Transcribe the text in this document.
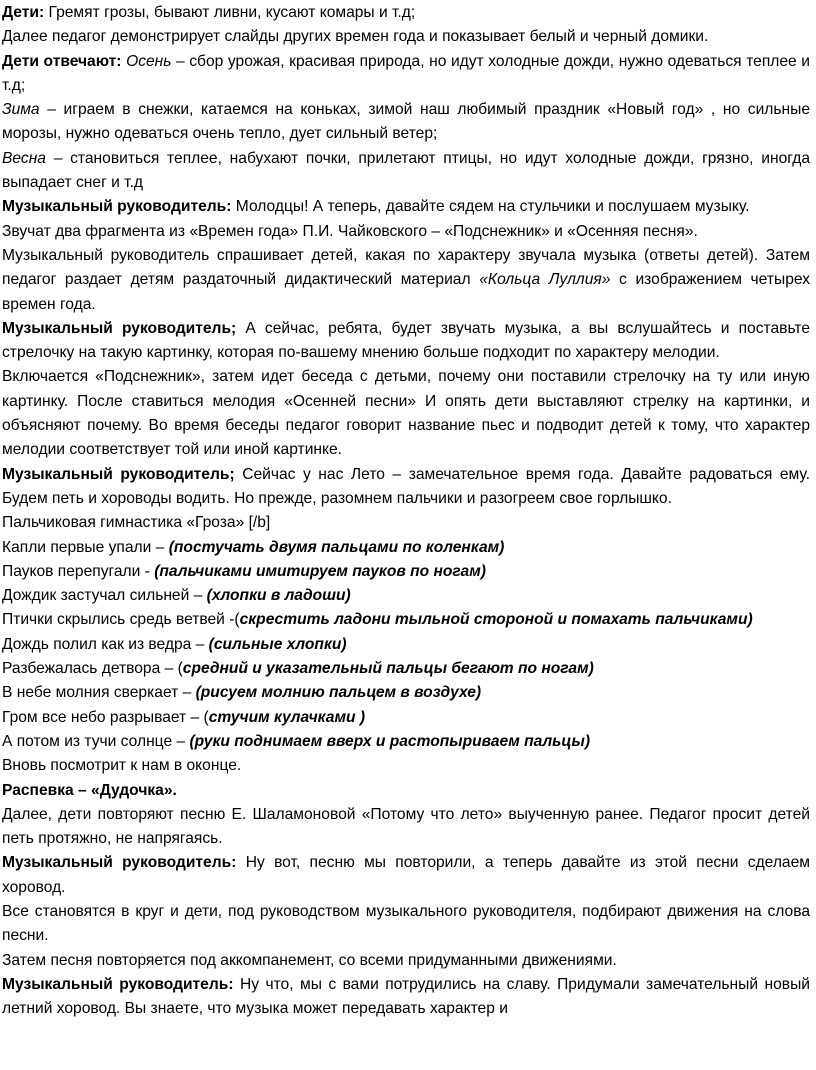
Дети: Гремят грозы, бывают ливни, кусают комары и т.д;

Далее педагог демонстрирует слайды других времен года и показывает белый и черный домики.

Дети отвечают: Осень – сбор урожая, красивая природа, но идут холодные дожди, нужно одеваться теплее и т.д;

Зима – играем в снежки, катаемся на коньках, зимой наш любимый праздник «Новый год» , но сильные морозы, нужно одеваться очень тепло, дует сильный ветер;

Весна – становиться теплее, набухают почки, прилетают птицы, но идут холодные дожди, грязно, иногда выпадает снег и т.д

Музыкальный руководитель: Молодцы! А теперь, давайте сядем на стульчики и послушаем музыку.

Звучат два фрагмента из «Времен года» П.И. Чайковского – «Подснежник» и «Осенняя песня».

Музыкальный руководитель спрашивает детей, какая по характеру звучала музыка (ответы детей). Затем педагог раздает детям раздаточный дидактический материал «Кольца Луллия» с изображением четырех времен года.

Музыкальный руководитель; А сейчас, ребята, будет звучать музыка, а вы вслушайтесь и поставьте стрелочку на такую картинку, которая по-вашему мнению больше подходит по характеру мелодии.

Включается «Подснежник», затем идет беседа с детьми, почему они поставили стрелочку на ту или иную картинку. После ставиться мелодия «Осенней песни» И опять дети выставляют стрелку на картинки, и объясняют почему. Во время беседы педагог говорит название пьес и подводит детей к тому, что характер мелодии соответствует той или иной картинке.

Музыкальный руководитель; Сейчас у нас Лето – замечательное время года. Давайте радоваться ему. Будем петь и хороводы водить. Но прежде, разомнем пальчики и разогреем свое горлышко.

Пальчиковая гимнастика «Гроза» [/b]

Капли первые упали – (постучать двумя пальцами по коленкам)

Пауков перепугали - (пальчиками имитируем пауков по ногам)

Дождик застучал сильней – (хлопки в ладоши)

Птички скрылись средь ветвей -(скрестить ладони тыльной стороной и помахать пальчиками)

Дождь полил как из ведра – (сильные хлопки)

Разбежалась детвора – (средний и указательный пальцы бегают по ногам)

В небе молния сверкает – (рисуем молнию пальцем в воздухе)

Гром все небо разрывает – (стучим кулачками )

А потом из тучи солнце – (руки поднимаем вверх и растопыриваем пальцы)

Вновь посмотрит к нам в оконце.

Распевка – «Дудочка».

Далее, дети повторяют песню Е. Шаламоновой «Потому что лето» выученную ранее. Педагог просит детей петь протяжно, не напрягаясь.

Музыкальный руководитель: Ну вот, песню мы повторили, а теперь давайте из этой песни сделаем хоровод.

Все становятся в круг и дети, под руководством музыкального руководителя, подбирают движения на слова песни.

Затем песня повторяется под аккомпанемент, со всеми придуманными движениями.

Музыкальный руководитель: Ну что, мы с вами потрудились на славу. Придумали замечательный новый летний хоровод. Вы знаете, что музыка может передавать характер и
